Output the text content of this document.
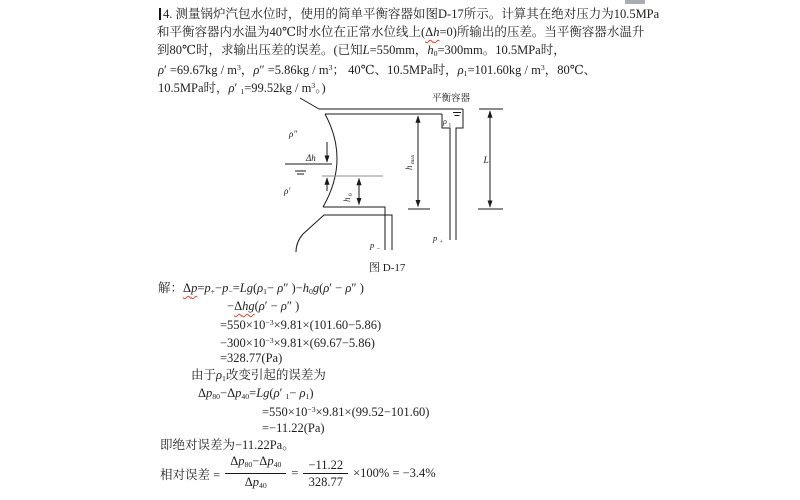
4. 测量锅炉汽包水位时，使用的简单平衡容器如图D-17所示。计算其在绝对压力为10.5MPa
和平衡容器内水温为40℃时水位在正常水位线上(Δh=0)所输出的压差。当平衡容器水温升
到80℃时，求输出压差的误差。(已知L=550mm，$h_0=300mm$。10.5MPa时，
$\rho' =69.67kg / m^3$，$\rho'' =5.86kg / m^3$； 40℃、10.5MPa时，$\rho_1=101.60kg / m^3$，80℃、
10.5MPa时，ρ′ $_1=99.52kg / m^3$。)
Δh
h
0
h
max	L
平衡容器
ρ″
ρ′
ρ 1
p −
p +
图 D-17
解：$\Delta p=p_+-p_-=Lg(\rho_1- \rho''$ )$-h_0g(\rho' - \rho''$ )
−Δhg(ρ′ − ρ″ )
$=550\times 10^{-3}\times 9.81\times(101.60-5.86)$
$-300\times 10^{-3}\times 9.81\times(69.67-5.86)$
=328.77(Pa)
由于$\rho_1$改变引起的误差为
$\Delta p_{80}-\Delta p_{40}=Lg(\rho'$ $_1- \rho_1$)
$=550\times 10^{-3}\times 9.81\times(99.52-101.60)$
=−11.22(Pa)
即绝对误差为−11.22Pa。
相对误差 = $\frac{\Delta p_{80}-\Delta p_{40}}{\Delta p_{40}} = \frac{-11.22}{328.77} \times 100\% = -3.4\%$
